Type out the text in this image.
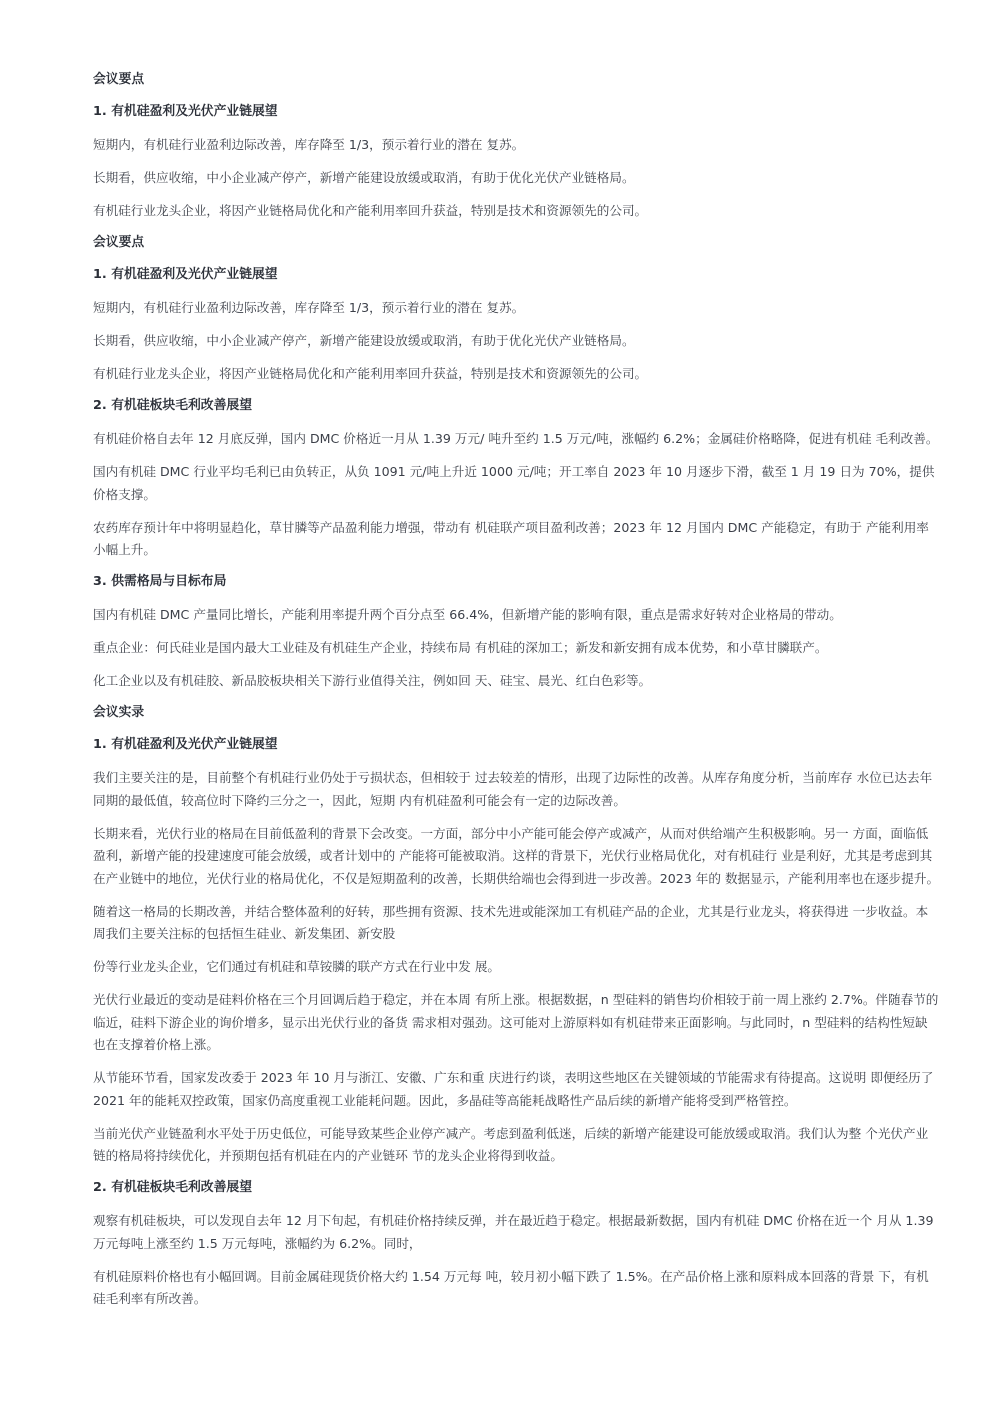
会议要点
1. 有机硅盈利及光伏产业链展望
短期内，有机硅行业盈利边际改善，库存降至 1/3，预示着行业的潜在 复苏。
长期看，供应收缩，中小企业减产停产，新增产能建设放缓或取消，有助于优化光伏产业链格局。
有机硅行业龙头企业，将因产业链格局优化和产能利用率回升获益，特别是技术和资源领先的公司。
会议要点
1. 有机硅盈利及光伏产业链展望
短期内，有机硅行业盈利边际改善，库存降至 1/3，预示着行业的潜在 复苏。
长期看，供应收缩，中小企业减产停产，新增产能建设放缓或取消，有助于优化光伏产业链格局。
有机硅行业龙头企业，将因产业链格局优化和产能利用率回升获益，特别是技术和资源领先的公司。
2. 有机硅板块毛利改善展望
有机硅价格自去年 12 月底反弹，国内 DMC 价格近一月从 1.39 万元/ 吨升至约 1.5 万元/吨，涨幅约 6.2%；金属硅价格略降，促进有机硅 毛利改善。
国内有机硅 DMC 行业平均毛利已由负转正，从负 1091 元/吨上升近 1000 元/吨；开工率自 2023 年 10 月逐步下滑，截至 1 月 19 日为 70%，提供价格支撑。
农药库存预计年中将明显趋化，草甘膦等产品盈利能力增强，带动有 机硅联产项目盈利改善；2023 年 12 月国内 DMC 产能稳定，有助于 产能利用率小幅上升。
3. 供需格局与目标布局
国内有机硅 DMC 产量同比增长，产能利用率提升两个百分点至 66.4%，但新增产能的影响有限，重点是需求好转对企业格局的带动。
重点企业：何氏硅业是国内最大工业硅及有机硅生产企业，持续布局 有机硅的深加工；新发和新安拥有成本优势，和小草甘膦联产。
化工企业以及有机硅胶、新品胶板块相关下游行业值得关注，例如回 天、硅宝、晨光、红白色彩等。
会议实录
1. 有机硅盈利及光伏产业链展望
我们主要关注的是，目前整个有机硅行业仍处于亏损状态，但相较于 过去较差的情形，出现了边际性的改善。从库存角度分析，当前库存 水位已达去年同期的最低值，较高位时下降约三分之一，因此，短期 内有机硅盈利可能会有一定的边际改善。
长期来看，光伏行业的格局在目前低盈利的背景下会改变。一方面，部分中小产能可能会停产或减产，从而对供给端产生积极影响。另一 方面，面临低盈利，新增产能的投建速度可能会放缓，或者计划中的 产能将可能被取消。这样的背景下，光伏行业格局优化，对有机硅行 业是利好，尤其是考虑到其在产业链中的地位，光伏行业的格局优化，不仅是短期盈利的改善，长期供给端也会得到进一步改善。2023 年的 数据显示，产能利用率也在逐步提升。
随着这一格局的长期改善，并结合整体盈利的好转，那些拥有资源、技术先进或能深加工有机硅产品的企业，尤其是行业龙头，将获得进 一步收益。本周我们主要关注标的包括恒生硅业、新发集团、新安股
份等行业龙头企业，它们通过有机硅和草铵膦的联产方式在行业中发 展。
光伏行业最近的变动是硅料价格在三个月回调后趋于稳定，并在本周 有所上涨。根据数据，n 型硅料的销售均价相较于前一周上涨约 2.7%。伴随春节的临近，硅料下游企业的询价增多，显示出光伏行业的备货 需求相对强劲。这可能对上游原料如有机硅带来正面影响。与此同时，n 型硅料的结构性短缺也在支撑着价格上涨。
从节能环节看，国家发改委于 2023 年 10 月与浙江、安徽、广东和重 庆进行约谈，表明这些地区在关键领域的节能需求有待提高。这说明 即便经历了 2021 年的能耗双控政策，国家仍高度重视工业能耗问题。因此，多晶硅等高能耗战略性产品后续的新增产能将受到严格管控。
当前光伏产业链盈利水平处于历史低位，可能导致某些企业停产减产。考虑到盈利低迷，后续的新增产能建设可能放缓或取消。我们认为整 个光伏产业链的格局将持续优化，并预期包括有机硅在内的产业链环 节的龙头企业将得到收益。
2. 有机硅板块毛利改善展望
观察有机硅板块，可以发现自去年 12 月下旬起，有机硅价格持续反弹，并在最近趋于稳定。根据最新数据，国内有机硅 DMC 价格在近一个 月从 1.39 万元每吨上涨至约 1.5 万元每吨，涨幅约为 6.2%。同时，
有机硅原料价格也有小幅回调。目前金属硅现货价格大约 1.54 万元每 吨，较月初小幅下跌了 1.5%。在产品价格上涨和原料成本回落的背景 下，有机硅毛利率有所改善。
